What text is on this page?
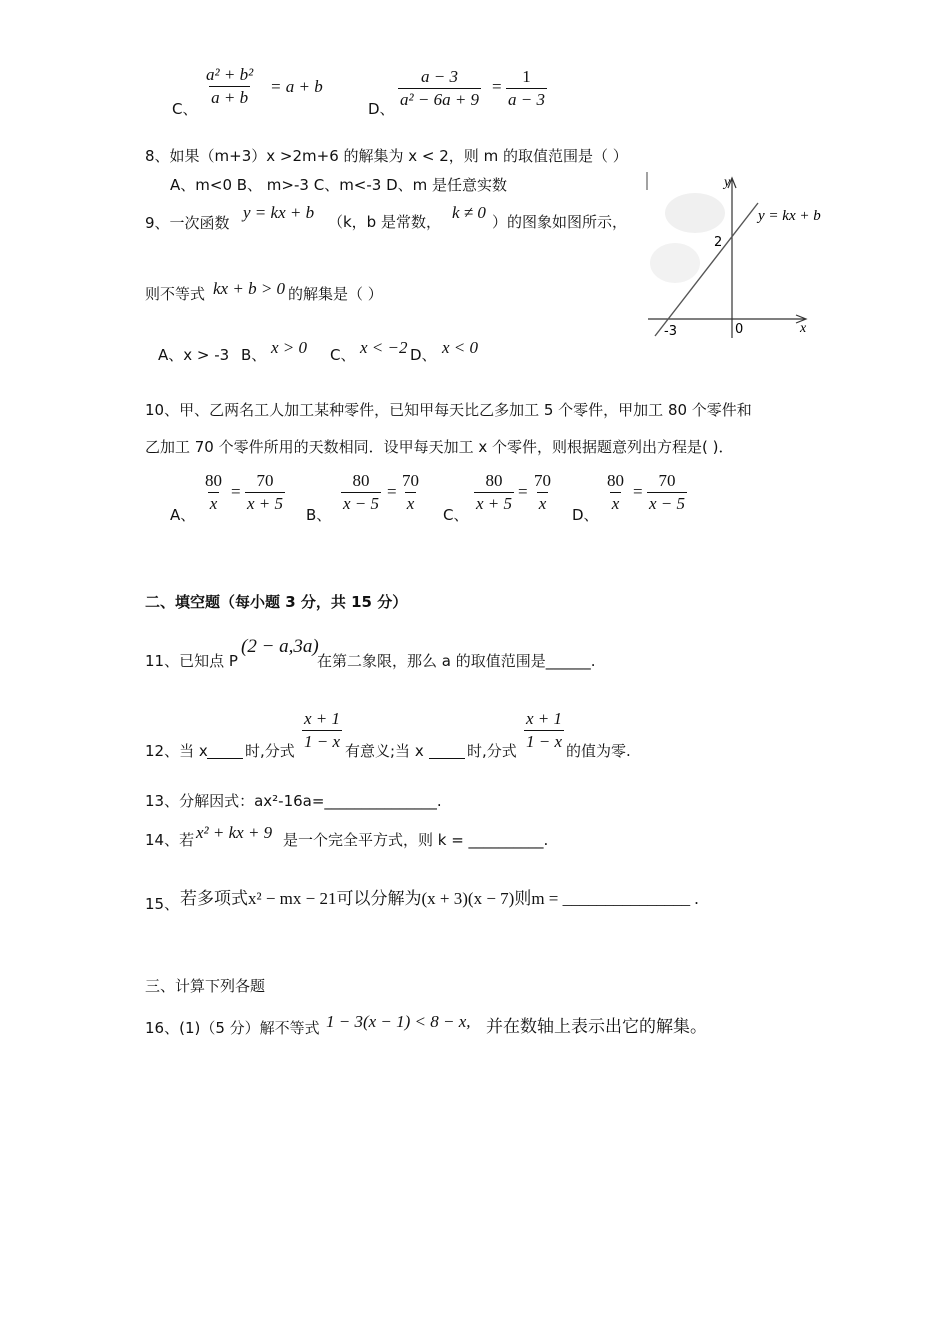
$\frac{\text{a² + b²}}{a + b}$
C、
= a + b
D、 $\frac{a - 3}{\text{a² − 6a + 9}} = \frac{1}{a - 3}$
8、如果（m+3）x >2m+6 的解集为 x < 2，则 m 的取值范围是（ ）
A、m<0 B、 m>-3 C、m<-3 D、m 是任意实数
9、一次函数
y = kx + b （k，b 是常数， k ≠ 0 ）的图象如图所示，
则不等式 kx + b > 0 的解集是（ ）
A、x > -3 B、 x > 0 C、 x < −2 D、 x < 0
y
x
y = kx + b
2
-3	0
10、甲、乙两名工人加工某种零件，已知甲每天比乙多加工 5 个零件，甲加工 80 个零件和
乙加工 70 个零件所用的天数相同．设甲每天加工 x 个零件，则根据题意列出方程是( )．
A、 $\frac{80}{x} = \frac{70}{x + 5}$ B、 $\frac{80}{x - 5} = \frac{70}{x}$ C、 $\frac{80}{x + 5} = \frac{70}{x}$ D、 $\frac{80}{x} = \frac{70}{x - 5}$
二、填空题（每小题 3 分，共 15 分）
11、已知点 P
(2 − a,3a)
在第二象限，那么 a 的取值范围是______.
12、当 x 时,分式 $\frac{x + 1}{1 - x}$ 有意义;当 x	时,分式 $\frac{x + 1}{1 - x}$ 的值为零.
13、分解因式：ax²-16a=_______________.
14、若 x² + kx + 9 是一个完全平方式，则 k = __________.
15、 若多项式x² − mx − 21可以分解为(x + 3)(x − 7)则m = _______________ .
三、计算下列各题
16、(1)（5 分）解不等式 1 − 3(x − 1) < 8 − x, 并在数轴上表示出它的解集。
